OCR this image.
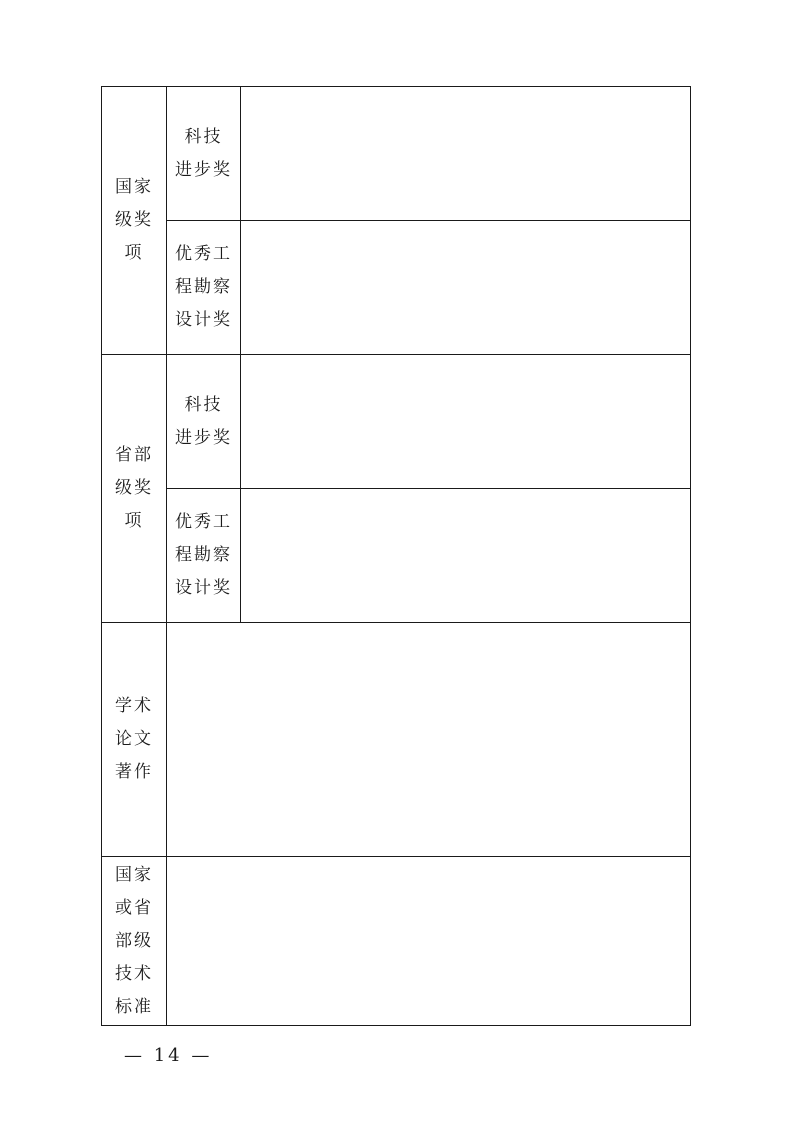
国家
级奖
项	科技
进步奖	

	优秀工
程勘察
设计奖	

省部
级奖
项	科技
进步奖	

	优秀工
程勘察
设计奖	

学术
论文
著作		

国家
或省
部级
技术
标准		

— 14 —
